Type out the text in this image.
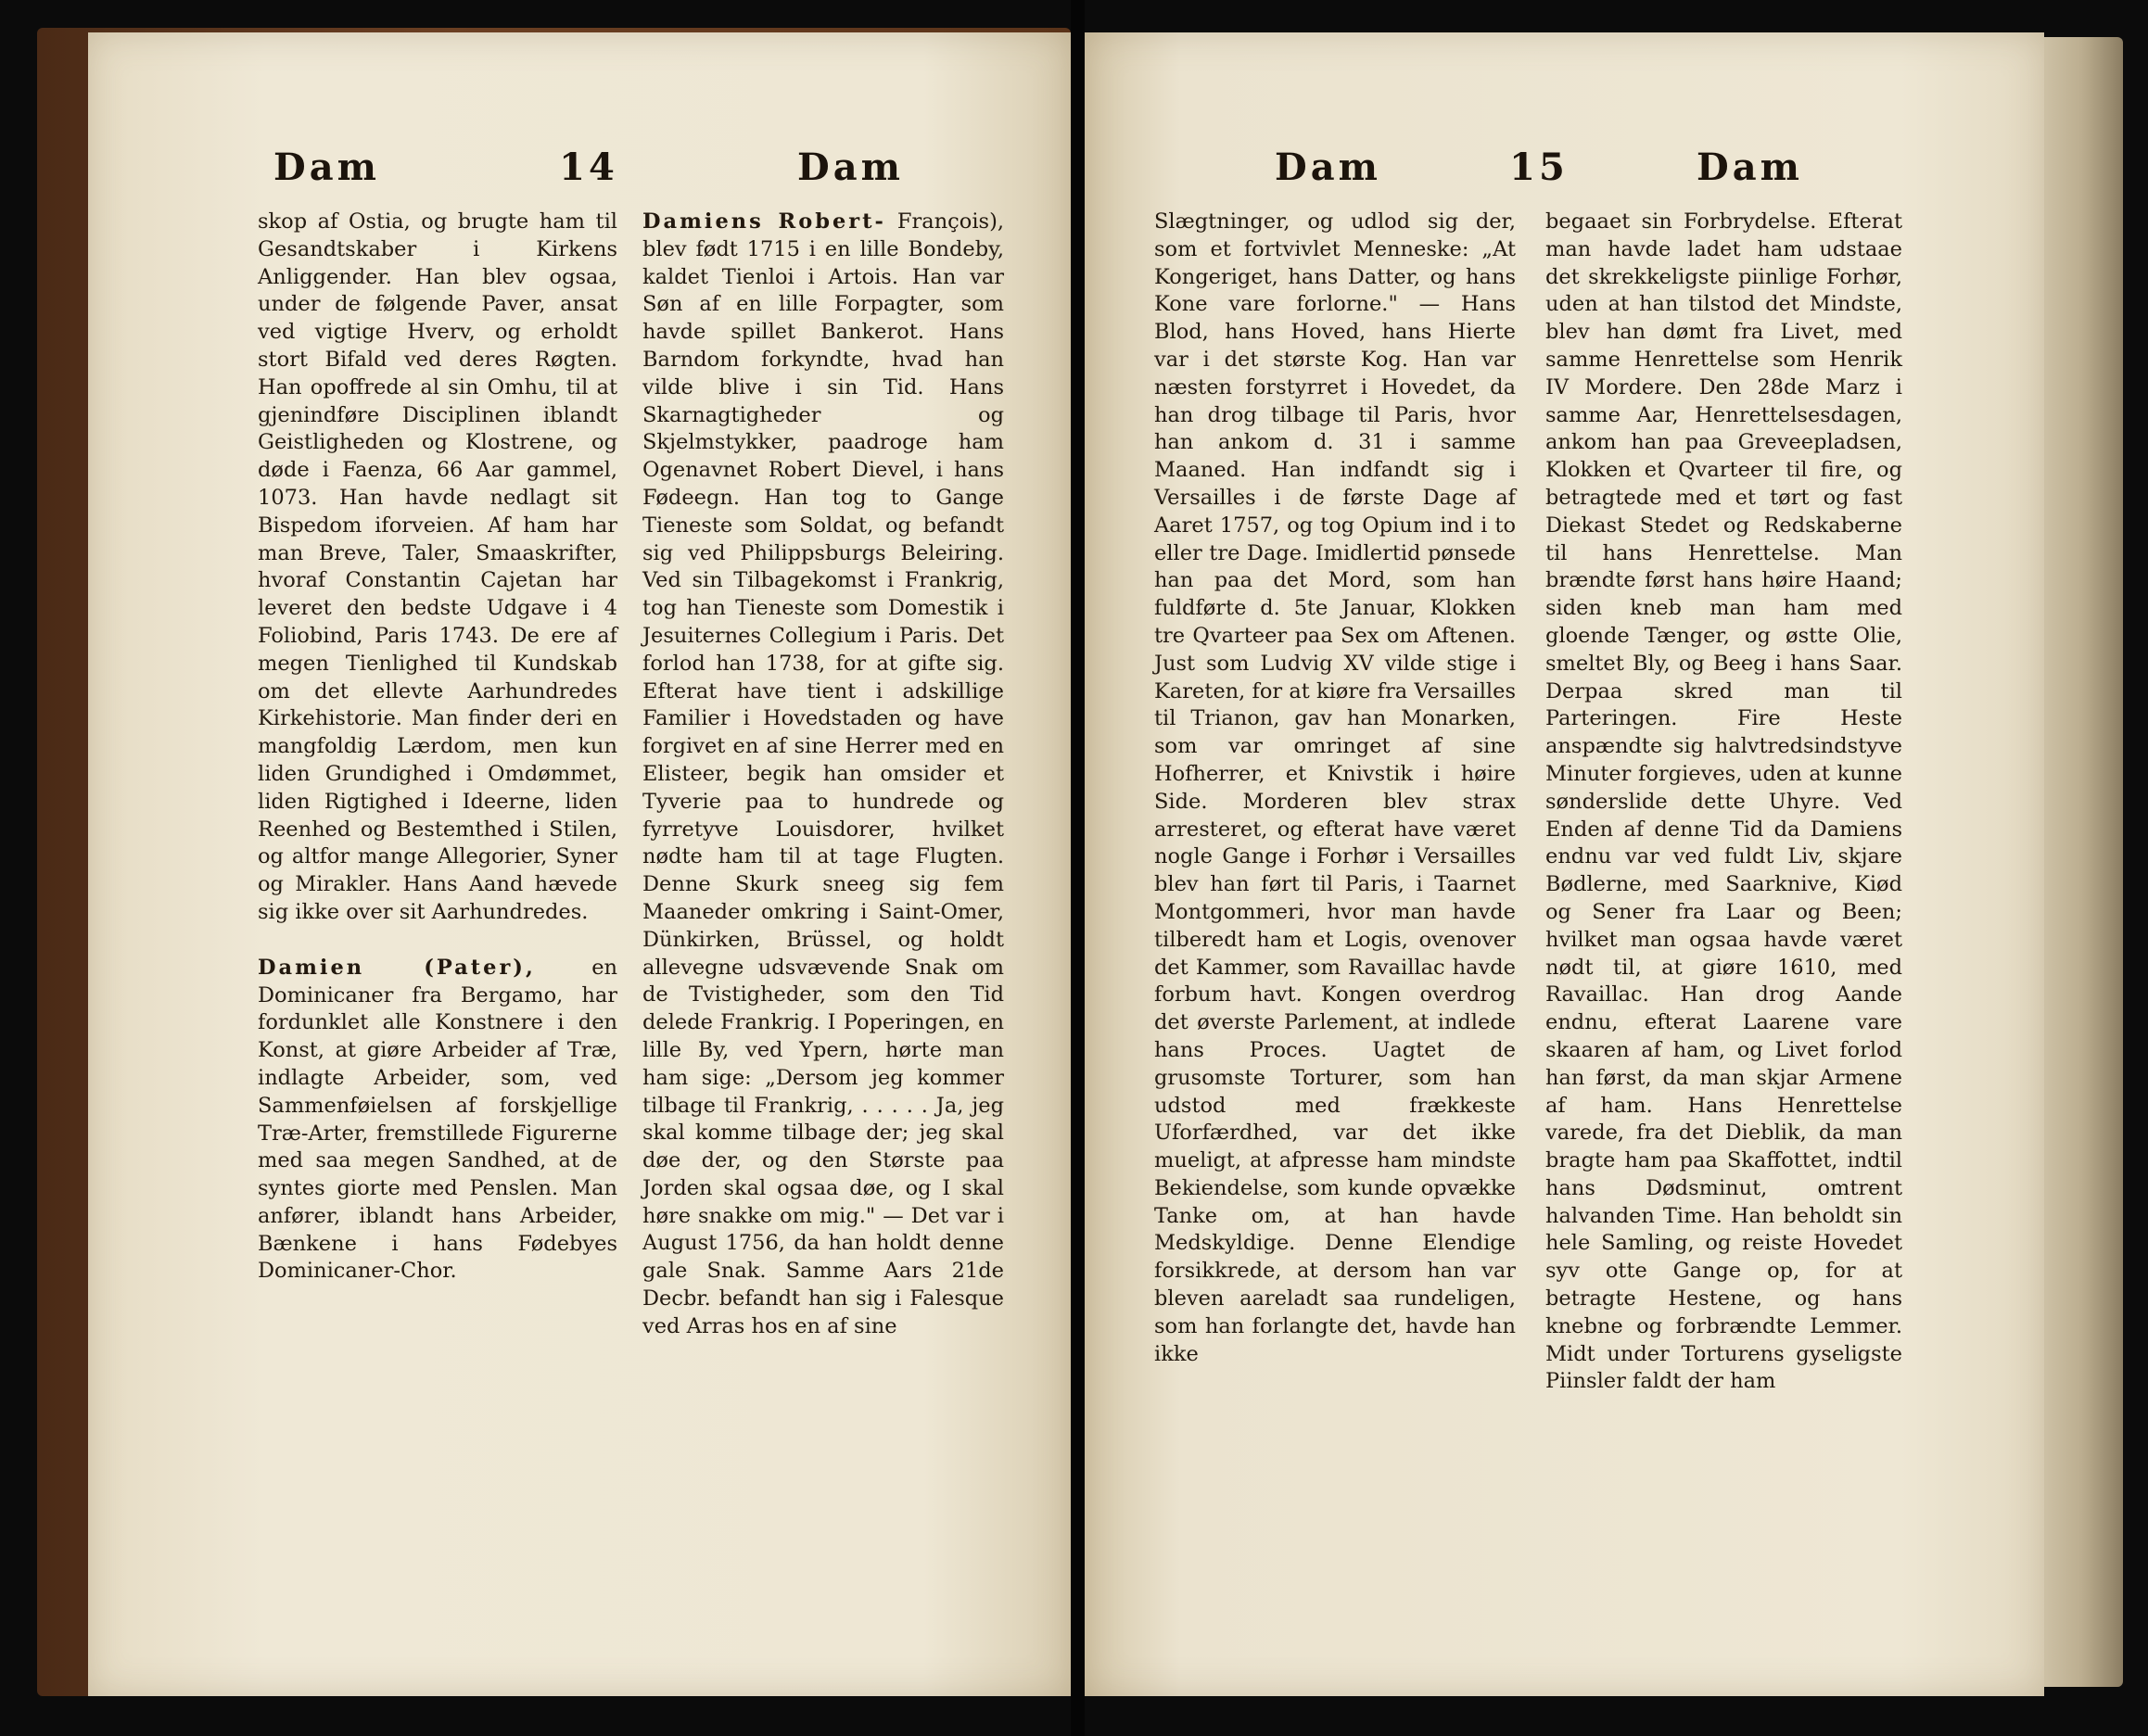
Dam	14	Dam

skop af Ostia, og brugte ham til Gesandtskaber i Kirkens Anliggender. Han blev ogsaa, under de følgende Paver, ansat ved vigtige Hverv, og erholdt stort Bifald ved deres Røgten. Han opoffrede al sin Omhu, til at gjenindføre Disciplinen iblandt Geistligheden og Klostrene, og døde i Faenza, 66 Aar gammel, 1073. Han havde nedlagt sit Bispedom iforveien. Af ham har man Breve, Taler, Smaaskrifter, hvoraf Constantin Cajetan har leveret den bedste Udgave i 4 Foliobind, Paris 1743. De ere af megen Tienlighed til Kundskab om det ellevte Aarhundredes Kirkehistorie. Man finder deri en mangfoldig Lærdom, men kun liden Grundighed i Omdømmet, liden Rigtighed i Ideerne, liden Reenhed og Bestemthed i Stilen, og altfor mange Allegorier, Syner og Mirakler. Hans Aand hævede sig ikke over sit Aarhundredes.

Damien (Pater),	en Dominicaner fra Bergamo, har fordunklet alle Konstnere i den Konst, at giøre Arbeider af Træ, indlagte Arbeider, som, ved Sammenføielsen af forskjellige Træ-Arter, fremstillede Figurerne med saa megen Sandhed, at de syntes giorte med Penslen. Man anfører, iblandt hans Arbeider, Bænkene i hans Fødebyes Dominicaner-Chor.

Damiens Robert- François), blev født 1715 i en lille Bondeby, kaldet Tienloi i Artois. Han var Søn af en lille Forpagter, som havde spillet Bankerot. Hans Barndom forkyndte, hvad han vilde blive i sin Tid. Hans Skarnagtigheder og Skjelmstykker, paadroge ham Ogenavnet Robert Dievel, i hans Fødeegn. Han tog to Gange Tieneste som Soldat, og befandt sig ved Philippsburgs Beleiring. Ved sin Tilbagekomst i Frankrig, tog han Tieneste som Domestik i Jesuiternes Collegium i Paris. Det forlod han 1738, for at gifte sig. Efterat have tient i adskillige Familier i Hovedstaden og have forgivet en af sine Herrer med en Elisteer, begik han omsider et Tyverie paa to hundrede og fyrretyve Louisdorer, hvilket nødte ham til at tage Flugten. Denne Skurk sneeg sig fem Maaneder omkring i Saint-Omer, Dünkirken, Brüssel, og holdt allevegne udsvævende Snak om de Tvistigheder, som den Tid delede Frankrig. I Poperingen, en lille By, ved Ypern, hørte man ham sige: „Dersom jeg kommer tilbage til Frankrig, . . . . . Ja, jeg skal komme tilbage der; jeg skal døe der, og den Største paa Jorden skal ogsaa døe, og I skal høre snakke om mig." — Det var i August 1756, da han holdt denne gale Snak. Samme Aars 21de Decbr. befandt han sig i Falesque ved Arras hos en af sine

Dam	15	Dam

Slægtninger, og udlod sig der, som et fortvivlet Menneske: „At Kongeriget, hans Datter, og hans Kone vare forlorne." — Hans Blod, hans Hoved, hans Hierte var i det største Kog. Han var næsten forstyrret i Hovedet, da han drog tilbage til Paris, hvor han ankom d. 31 i samme Maaned. Han indfandt sig i Versailles i de første Dage af Aaret 1757, og tog Opium ind i to eller tre Dage. Imidlertid pønsede han paa det Mord, som han fuldførte d. 5te Januar, Klokken tre Qvarteer paa Sex om Aftenen. Just som Ludvig XV vilde stige i Kareten, for at kiøre fra Versailles til Trianon, gav han Monarken, som var omringet af sine Hofherrer, et Knivstik i høire Side. Morderen blev strax arresteret, og efterat have været nogle Gange i Forhør i Versailles blev han ført til Paris, i Taarnet Montgommeri, hvor man havde tilberedt ham et Logis, ovenover det Kammer, som Ravaillac havde forbum havt. Kongen overdrog det øverste Parlement, at indlede hans Proces. Uagtet de grusomste Torturer, som han udstod med frækkeste Uforfærdhed, var det ikke mueligt, at afpresse ham mindste Bekiendelse, som kunde opvække Tanke om, at han havde Medskyldige. Denne Elendige forsikkrede, at dersom han var bleven aareladt saa rundeligen, som han forlangte det, havde han ikke

begaaet sin Forbrydelse. Efterat man havde ladet ham udstaae det skrekkeligste piinlige Forhør, uden at han tilstod det Mindste, blev han dømt fra Livet, med samme Henrettelse som Henrik IV Mordere. Den 28de Marz i samme Aar, Henrettelsesdagen, ankom han paa Greveepladsen, Klokken et Qvarteer til fire, og betragtede med et tørt og fast Diekast Stedet og Redskaberne til hans Henrettelse. Man brændte først hans høire Haand; siden kneb man ham med gloende Tænger, og østte Olie, smeltet Bly, og Beeg i hans Saar. Derpaa skred man til Parteringen. Fire Heste anspændte sig halvtredsindstyve Minuter forgieves, uden at kunne sønderslide dette Uhyre. Ved Enden af denne Tid da Damiens endnu var ved fuldt Liv, skjare Bødlerne, med Saarknive, Kiød og Sener fra Laar og Been; hvilket man ogsaa havde været nødt til, at giøre 1610, med Ravaillac. Han drog Aande endnu, efterat Laarene vare skaaren af ham, og Livet forlod han først, da man skjar Armene af ham. Hans Henrettelse varede, fra det Dieblik, da man bragte ham paa Skaffottet, indtil hans Dødsminut, omtrent halvanden Time. Han beholdt sin hele Samling, og reiste Hovedet syv otte Gange op, for at betragte Hestene, og hans knebne og forbrændte Lemmer. Midt under Torturens gyseligste Piinsler faldt der ham
